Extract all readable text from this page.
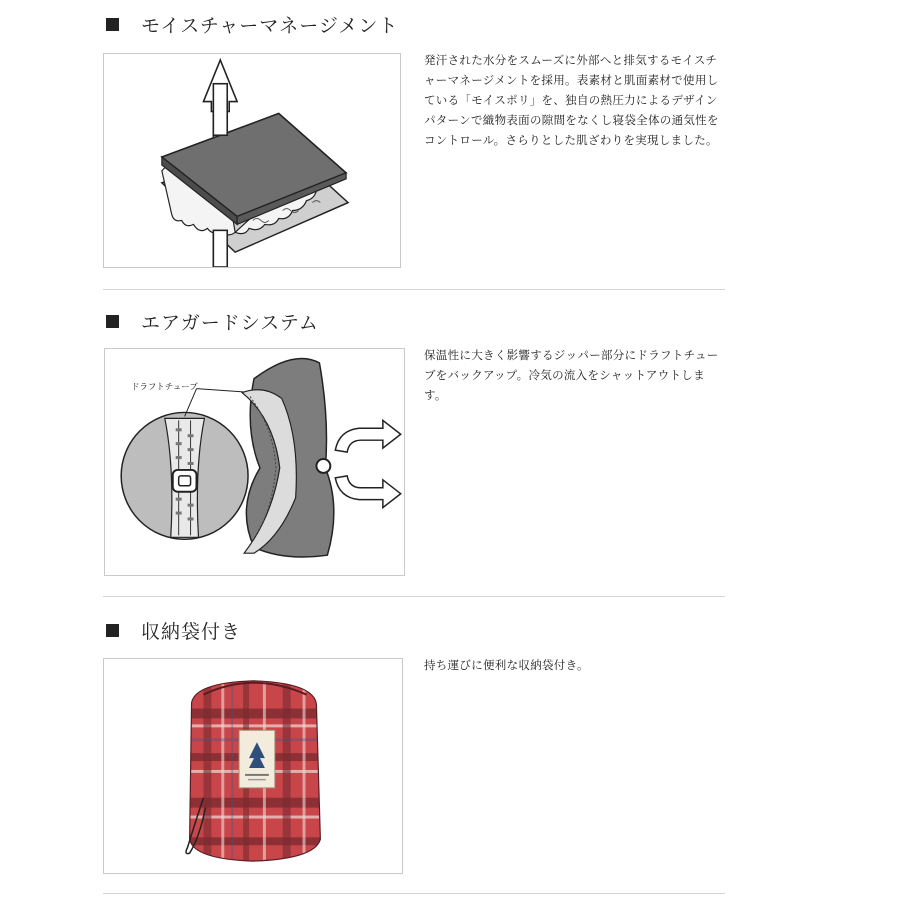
モイスチャーマネージメント
発汗された水分をスムーズに外部へと排気するモイスチャーマネージメントを採用。表素材と肌面素材で使用している「モイスポリ」を、独自の熱圧力によるデザインパターンで織物表面の隙間をなくし寝袋全体の通気性をコントロール。さらりとした肌ざわりを実現しました。
エアガードシステム
ドラフトチューブ
保温性に大きく影響するジッパー部分にドラフトチューブをバックアップ。冷気の流入をシャットアウトします。
収納袋付き
持ち運びに便利な収納袋付き。
